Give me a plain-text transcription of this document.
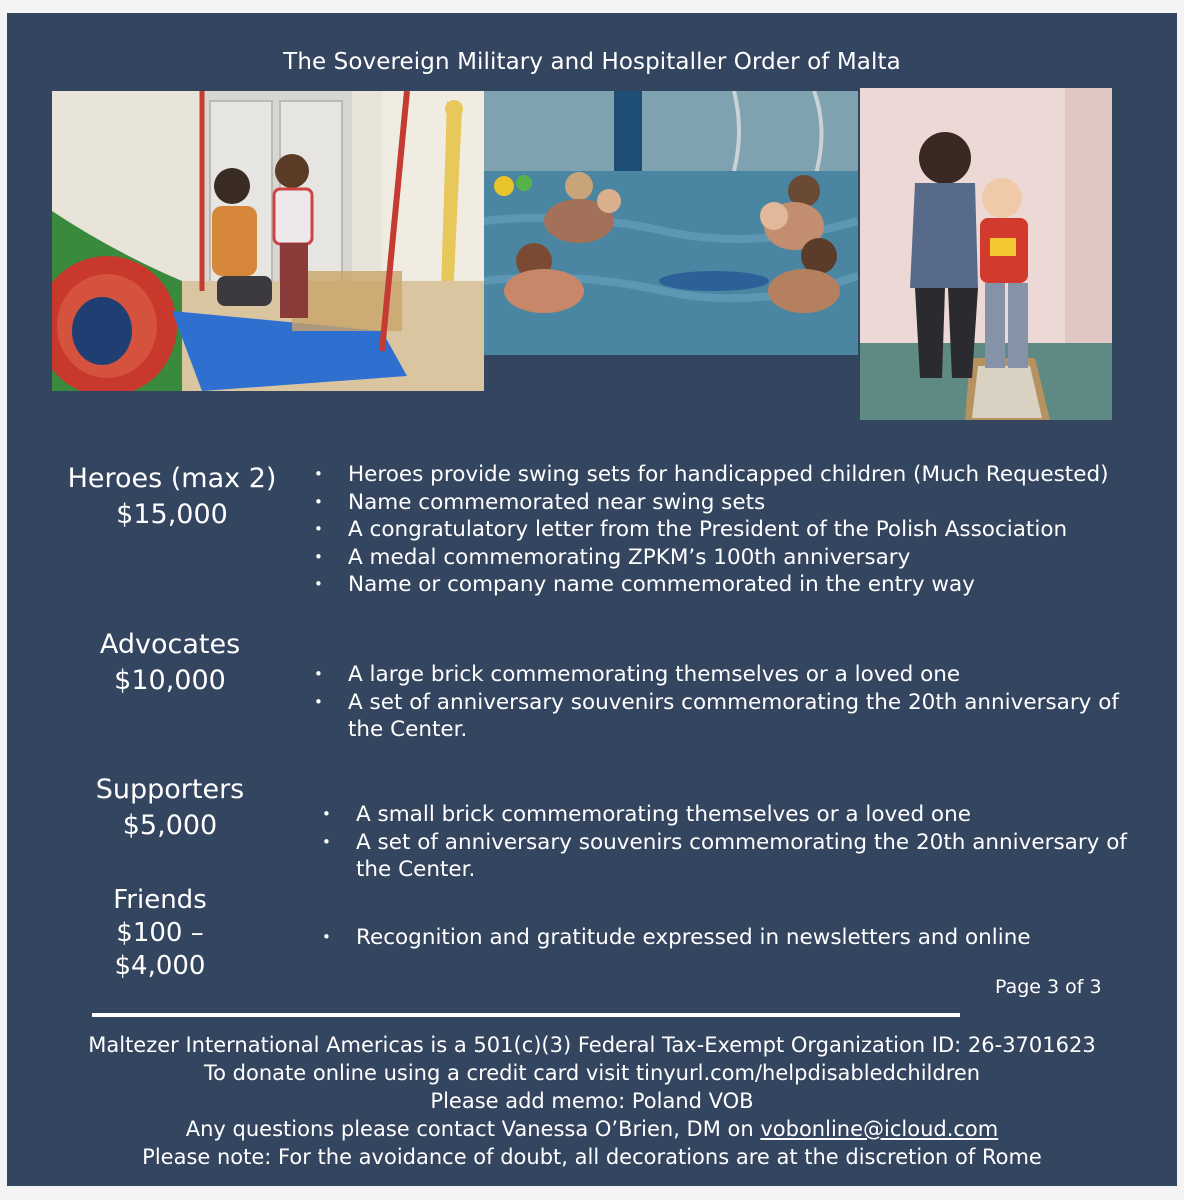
The Sovereign Military and Hospitaller Order of Malta
Heroes (max 2)
$15,000
• Heroes provide swing sets for handicapped children (Much Requested)
• Name commemorated near swing sets
• A congratulatory letter from the President of the Polish Association
• A medal commemorating ZPKM’s 100th anniversary
• Name or company name commemorated in the entry way
Advocates
$10,000	• A large brick commemorating themselves or a loved one
• A set of anniversary souvenirs commemorating the 20th anniversary of the Center.
Supporters
$5,000	• A small brick commemorating themselves or a loved one
• A set of anniversary souvenirs commemorating the 20th anniversary of the Center.
Friends
$100 –
$4,000
• Recognition and gratitude expressed in newsletters and online
Page 3 of 3
Maltezer International Americas is a 501(c)(3) Federal Tax-Exempt Organization ID: 26-3701623
To donate online using a credit card visit tinyurl.com/helpdisabledchildren
Please add memo: Poland VOB
Any questions please contact Vanessa O’Brien, DM on vobonline@icloud.com
Please note: For the avoidance of doubt, all decorations are at the discretion of Rome
